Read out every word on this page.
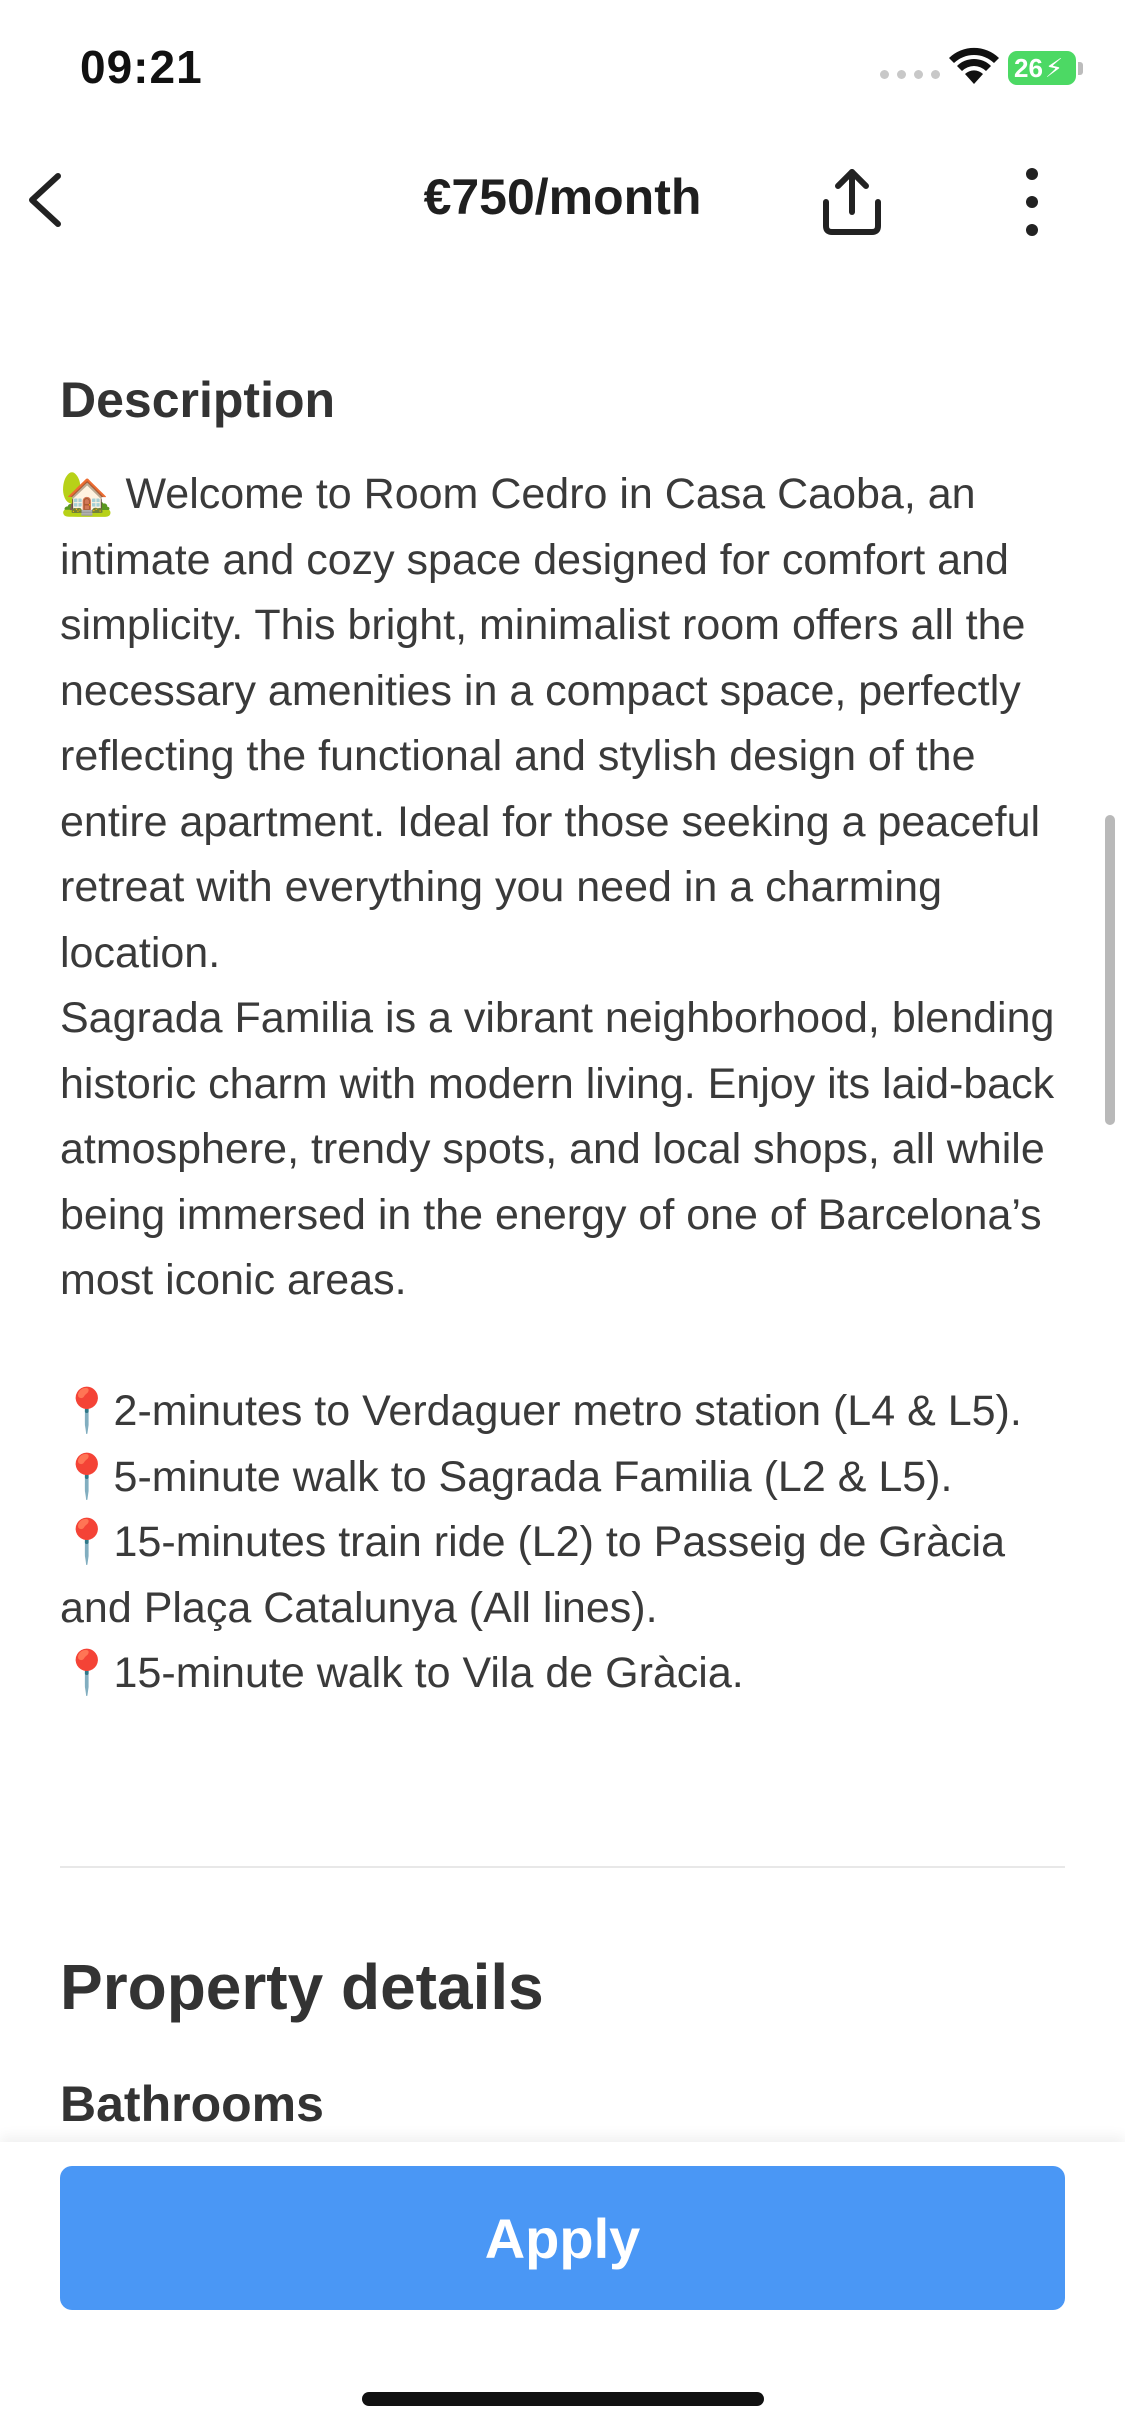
09:21	26 ⚡
€750/month
Description

🏡 Welcome to Room Cedro in Casa Caoba, an intimate and cozy space designed for comfort and simplicity. This bright, minimalist room offers all the necessary amenities in a compact space, perfectly reflecting the functional and stylish design of the entire apartment. Ideal for those seeking a peaceful retreat with everything you need in a charming location.

Sagrada Familia is a vibrant neighborhood, blending historic charm with modern living. Enjoy its laid-back atmosphere, trendy spots, and local shops, all while being immersed in the energy of one of Barcelona’s most iconic areas.

📍2-minutes to Verdaguer metro station (L4 & L5).

📍5-minute walk to Sagrada Familia (L2 & L5).

📍15-minutes train ride (L2) to Passeig de Gràcia and Plaça Catalunya (All lines).

📍15-minute walk to Vila de Gràcia.

Property details
Bathrooms
Apply
